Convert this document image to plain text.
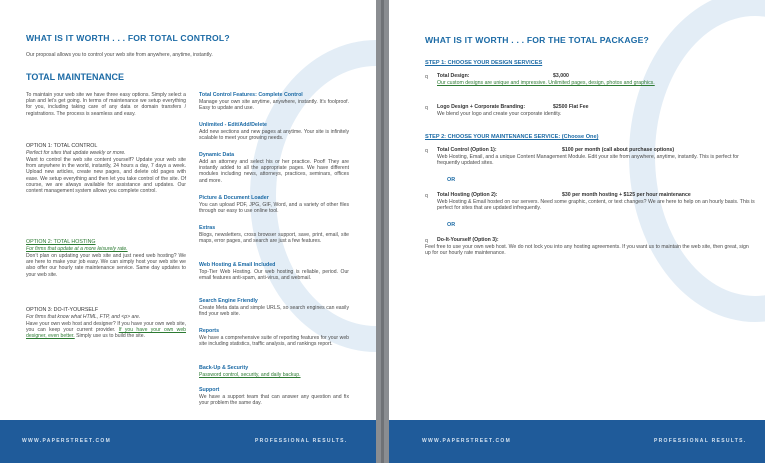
WHAT IS IT WORTH . . . FOR TOTAL CONTROL?
Our proposal allows you to control your web site from anywhere, anytime, instantly.
TOTAL MAINTENANCE
To maintain your web site we have three easy options. Simply select a plan and let’s get going. In terms of maintenance we setup everything for you, including taking care of any data or domain transfers / registrations. The process is seamless and easy.
OPTION 1: TOTAL CONTROL
Perfect for sites that update weekly or more.
Want to control the web site content yourself? Update your web site from anywhere in the world, instantly, 24 hours a day, 7 days a week. Upload new articles, create new pages, and delete old pages with ease. We setup everything and then let you take control of the site. Of course, we are always available for assistance and updates. Our content management system allows you complete control.
OPTION 2: TOTAL HOSTING
For firms that update at a more leisurely rate.
Don’t plan on updating your web site and just need web hosting? We are here to make your job easy. We can simply host your web site we also offer our hourly rate maintenance service. Same day updates to your web site.
OPTION 3: DO-IT-YOURSELF
For firms that know what HTML, FTP, and <p> are.
Have your own web host and designer? If you have your own web site, you can keep your current provider. If you have your own web designer, even better. Simply use us to build the site.
Total Control Features: Complete Control
Manage your own site anytime, anywhere, instantly. It’s foolproof. Easy to update and use.
Unlimited - Edit/Add/Delete
Add new sections and new pages at anytime. Your site is infinitely scalable to meet your growing needs.
Dynamic Data
Add an attorney and select his or her practice. Poof! They are instantly added to all the appropriate pages. We have different modules including news, attorneys, practices, seminars, offices and more.
Picture & Document Loader
You can upload PDF, JPG, GIF, Word, and a variety of other files through our easy to use online tool.
Extras
Blogs, newsletters, cross browser support, save, print, email, site maps, error pages, and search are just a few features.
Web Hosting & Email Included
Top-Tier Web Hosting. Our web hosting is reliable, period. Our email features anti-spam, anti-virus, and webmail.
Search Engine Friendly
Create Meta data and simple URLS, so search engines can easily find your web site.
Reports
We have a comprehensive suite of reporting features for your web site including statistics, traffic analysis, and rankings report.
Back-Up & Security
Password control, security, and daily backup.
Support
We have a support team that can answer any question and fix your problem the same day.
WWW.PAPERSTREET.COM	PROFESSIONAL RESULTS.
WHAT IS IT WORTH . . . FOR THE TOTAL PACKAGE?
STEP 1: CHOOSE YOUR DESIGN SERVICES
q Total Design:	$3,000
Our custom designs are unique and impressive. Unlimited pages, design, photos and graphics.
q Logo Design + Corporate Branding:	$2500 Flat Fee
We blend your logo and create your corporate identity.
STEP 2: CHOOSE YOUR MAINTENANCE SERVICE: (Choose One)
q Total Control (Option 1):	$100 per month (call about purchase options)
Web Hosting, Email, and a unique Content Management Module. Edit your site from anywhere, anytime, instantly. This is perfect for frequently updated sites.
OR
q Total Hosting (Option 2):	$30 per month hosting + $125 per hour maintenance
Web Hosting & Email hosted on our servers. Need some graphic, content, or text changes? We are here to help on an hourly basis. This is perfect for sites that are updated infrequently.
OR
q Do-It-Yourself (Option 3):
Feel free to use your own web host. We do not lock you into any hosting agreements. If you want us to maintain the web site, then great, sign up for our hourly rate maintenance.
WWW.PAPERSTREET.COM	PROFESSIONAL RESULTS.
